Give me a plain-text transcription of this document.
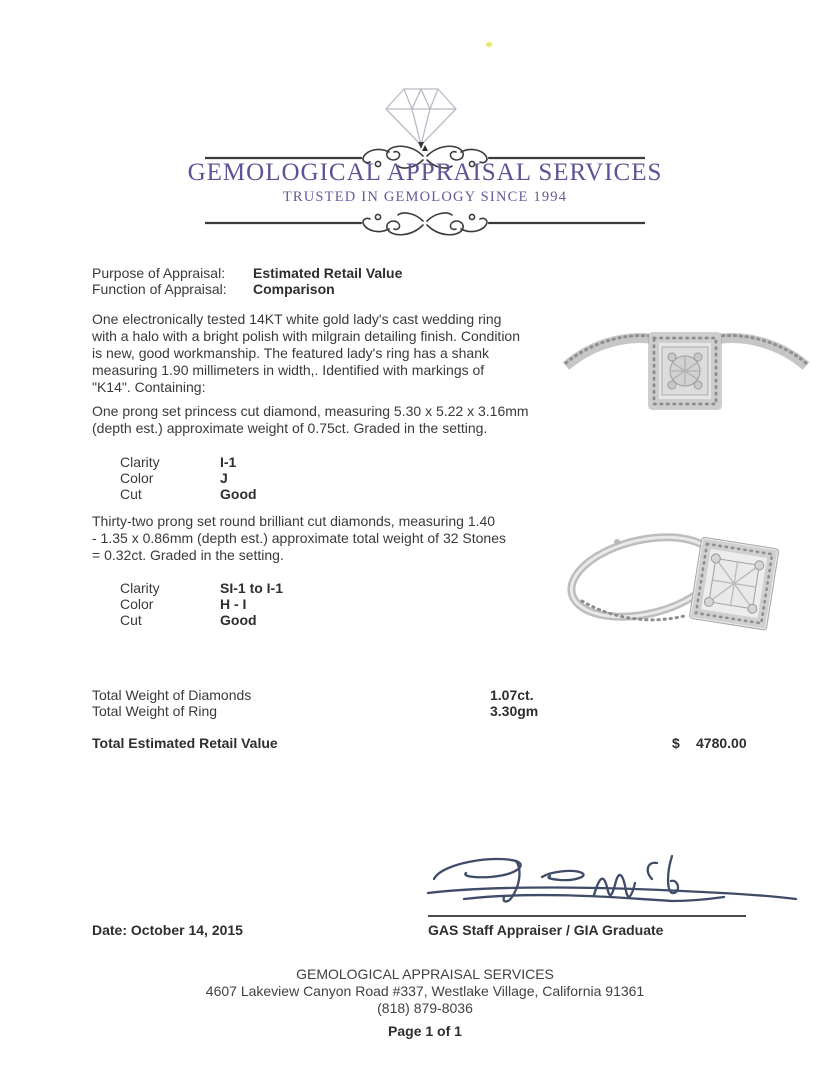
GEMOLOGICAL APPRAISAL SERVICES
TRUSTED IN GEMOLOGY SINCE 1994
Purpose of Appraisal: Estimated Retail Value
Function of Appraisal: Comparison
One electronically tested 14KT white gold lady's cast wedding ring
with a halo with a bright polish with milgrain detailing finish. Condition
is new, good workmanship. The featured lady's ring has a shank
measuring 1.90 millimeters in width,. Identified with markings of
"K14". Containing:
One prong set princess cut diamond, measuring 5.30 x 5.22 x 3.16mm
(depth est.) approximate weight of 0.75ct. Graded in the setting.
Clarity	I-1
Color	J
Cut	Good
Thirty-two prong set round brilliant cut diamonds, measuring 1.40
- 1.35 x 0.86mm (depth est.) approximate total weight of 32 Stones
= 0.32ct. Graded in the setting.
Clarity	SI-1 to I-1
Color	H - I
Cut	Good
Total Weight of Diamonds	1.07ct.
Total Weight of Ring	3.30gm
Total Estimated Retail Value	$ 4780.00
Date: October 14, 2015	GAS Staff Appraiser / GIA Graduate
GEMOLOGICAL APPRAISAL SERVICES
4607 Lakeview Canyon Road #337, Westlake Village, California 91361
(818) 879-8036
Page 1 of 1
